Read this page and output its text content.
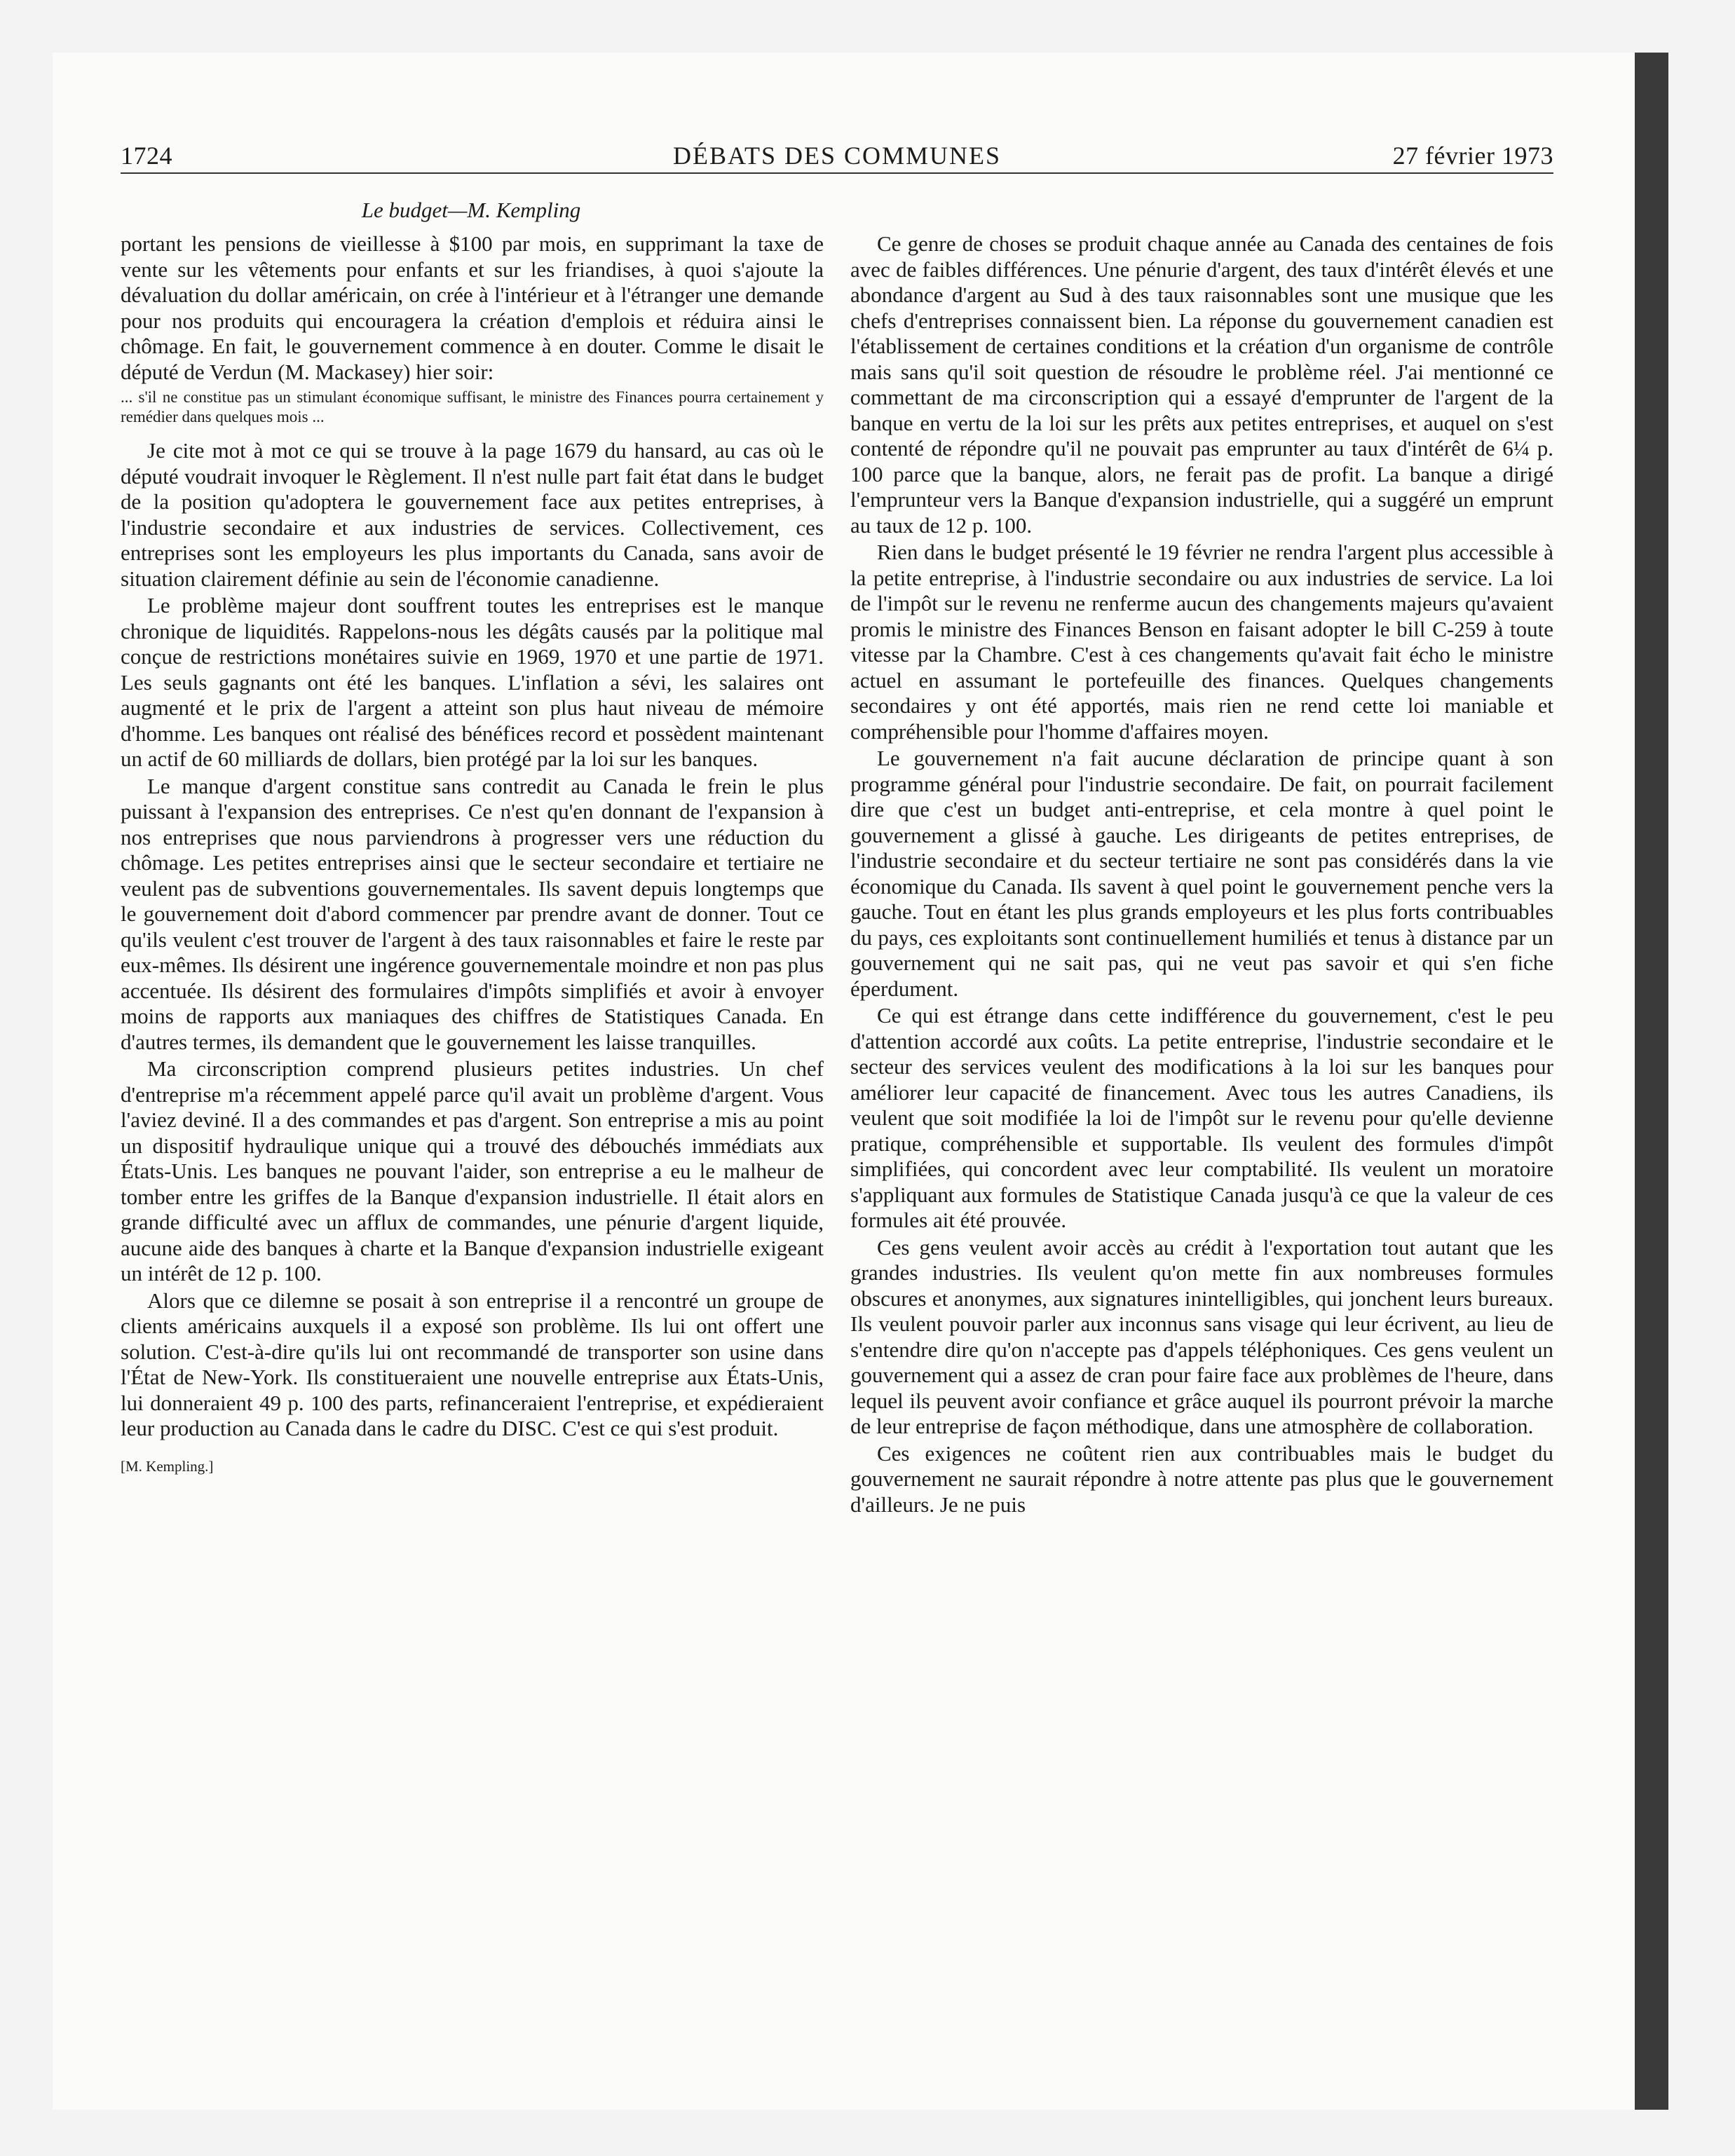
1724	DÉBATS DES COMMUNES	27 février 1973
Le budget—M. Kempling

portant les pensions de vieillesse à $100 par mois, en supprimant la taxe de vente sur les vêtements pour enfants et sur les friandises, à quoi s'ajoute la dévaluation du dollar américain, on crée à l'intérieur et à l'étranger une demande pour nos produits qui encouragera la création d'emplois et réduira ainsi le chômage. En fait, le gouvernement commence à en douter. Comme le disait le député de Verdun (M. Mackasey) hier soir:

... s'il ne constitue pas un stimulant économique suffisant, le ministre des Finances pourra certainement y remédier dans quelques mois ...

Je cite mot à mot ce qui se trouve à la page 1679 du hansard, au cas où le député voudrait invoquer le Règlement. Il n'est nulle part fait état dans le budget de la position qu'adoptera le gouvernement face aux petites entreprises, à l'industrie secondaire et aux industries de services. Collectivement, ces entreprises sont les employeurs les plus importants du Canada, sans avoir de situation clairement définie au sein de l'économie canadienne.

Le problème majeur dont souffrent toutes les entreprises est le manque chronique de liquidités. Rappelons-nous les dégâts causés par la politique mal conçue de restrictions monétaires suivie en 1969, 1970 et une partie de 1971. Les seuls gagnants ont été les banques. L'inflation a sévi, les salaires ont augmenté et le prix de l'argent a atteint son plus haut niveau de mémoire d'homme. Les banques ont réalisé des bénéfices record et possèdent maintenant un actif de 60 milliards de dollars, bien protégé par la loi sur les banques.

Le manque d'argent constitue sans contredit au Canada le frein le plus puissant à l'expansion des entreprises. Ce n'est qu'en donnant de l'expansion à nos entreprises que nous parviendrons à progresser vers une réduction du chômage. Les petites entreprises ainsi que le secteur secondaire et tertiaire ne veulent pas de subventions gouvernementales. Ils savent depuis longtemps que le gouvernement doit d'abord commencer par prendre avant de donner. Tout ce qu'ils veulent c'est trouver de l'argent à des taux raisonnables et faire le reste par eux-mêmes. Ils désirent une ingérence gouvernementale moindre et non pas plus accentuée. Ils désirent des formulaires d'impôts simplifiés et avoir à envoyer moins de rapports aux maniaques des chiffres de Statistiques Canada. En d'autres termes, ils demandent que le gouvernement les laisse tranquilles.

Ma circonscription comprend plusieurs petites industries. Un chef d'entreprise m'a récemment appelé parce qu'il avait un problème d'argent. Vous l'aviez deviné. Il a des commandes et pas d'argent. Son entreprise a mis au point un dispositif hydraulique unique qui a trouvé des débouchés immédiats aux États-Unis. Les banques ne pouvant l'aider, son entreprise a eu le malheur de tomber entre les griffes de la Banque d'expansion industrielle. Il était alors en grande difficulté avec un afflux de commandes, une pénurie d'argent liquide, aucune aide des banques à charte et la Banque d'expansion industrielle exigeant un intérêt de 12 p. 100.

Alors que ce dilemne se posait à son entreprise il a rencontré un groupe de clients américains auxquels il a exposé son problème. Ils lui ont offert une solution. C'est-à-dire qu'ils lui ont recommandé de transporter son usine dans l'État de New-York. Ils constitueraient une nouvelle entreprise aux États-Unis, lui donneraient 49 p. 100 des parts, refinanceraient l'entreprise, et expédieraient leur production au Canada dans le cadre du DISC. C'est ce qui s'est produit.

[M. Kempling.]

Ce genre de choses se produit chaque année au Canada des centaines de fois avec de faibles différences. Une pénurie d'argent, des taux d'intérêt élevés et une abondance d'argent au Sud à des taux raisonnables sont une musique que les chefs d'entreprises connaissent bien. La réponse du gouvernement canadien est l'établissement de certaines conditions et la création d'un organisme de contrôle mais sans qu'il soit question de résoudre le problème réel. J'ai mentionné ce commettant de ma circonscription qui a essayé d'emprunter de l'argent de la banque en vertu de la loi sur les prêts aux petites entreprises, et auquel on s'est contenté de répondre qu'il ne pouvait pas emprunter au taux d'intérêt de 6¼ p. 100 parce que la banque, alors, ne ferait pas de profit. La banque a dirigé l'emprunteur vers la Banque d'expansion industrielle, qui a suggéré un emprunt au taux de 12 p. 100.

Rien dans le budget présenté le 19 février ne rendra l'argent plus accessible à la petite entreprise, à l'industrie secondaire ou aux industries de service. La loi de l'impôt sur le revenu ne renferme aucun des changements majeurs qu'avaient promis le ministre des Finances Benson en faisant adopter le bill C-259 à toute vitesse par la Chambre. C'est à ces changements qu'avait fait écho le ministre actuel en assumant le portefeuille des finances. Quelques changements secondaires y ont été apportés, mais rien ne rend cette loi maniable et compréhensible pour l'homme d'affaires moyen.

Le gouvernement n'a fait aucune déclaration de principe quant à son programme général pour l'industrie secondaire. De fait, on pourrait facilement dire que c'est un budget anti-entreprise, et cela montre à quel point le gouvernement a glissé à gauche. Les dirigeants de petites entreprises, de l'industrie secondaire et du secteur tertiaire ne sont pas considérés dans la vie économique du Canada. Ils savent à quel point le gouvernement penche vers la gauche. Tout en étant les plus grands employeurs et les plus forts contribuables du pays, ces exploitants sont continuellement humiliés et tenus à distance par un gouvernement qui ne sait pas, qui ne veut pas savoir et qui s'en fiche éperdument.

Ce qui est étrange dans cette indifférence du gouvernement, c'est le peu d'attention accordé aux coûts. La petite entreprise, l'industrie secondaire et le secteur des services veulent des modifications à la loi sur les banques pour améliorer leur capacité de financement. Avec tous les autres Canadiens, ils veulent que soit modifiée la loi de l'impôt sur le revenu pour qu'elle devienne pratique, compréhensible et supportable. Ils veulent des formules d'impôt simplifiées, qui concordent avec leur comptabilité. Ils veulent un moratoire s'appliquant aux formules de Statistique Canada jusqu'à ce que la valeur de ces formules ait été prouvée.

Ces gens veulent avoir accès au crédit à l'exportation tout autant que les grandes industries. Ils veulent qu'on mette fin aux nombreuses formules obscures et anonymes, aux signatures inintelligibles, qui jonchent leurs bureaux. Ils veulent pouvoir parler aux inconnus sans visage qui leur écrivent, au lieu de s'entendre dire qu'on n'accepte pas d'appels téléphoniques. Ces gens veulent un gouvernement qui a assez de cran pour faire face aux problèmes de l'heure, dans lequel ils peuvent avoir confiance et grâce auquel ils pourront prévoir la marche de leur entreprise de façon méthodique, dans une atmosphère de collaboration.

Ces exigences ne coûtent rien aux contribuables mais le budget du gouvernement ne saurait répondre à notre attente pas plus que le gouvernement d'ailleurs. Je ne puis
